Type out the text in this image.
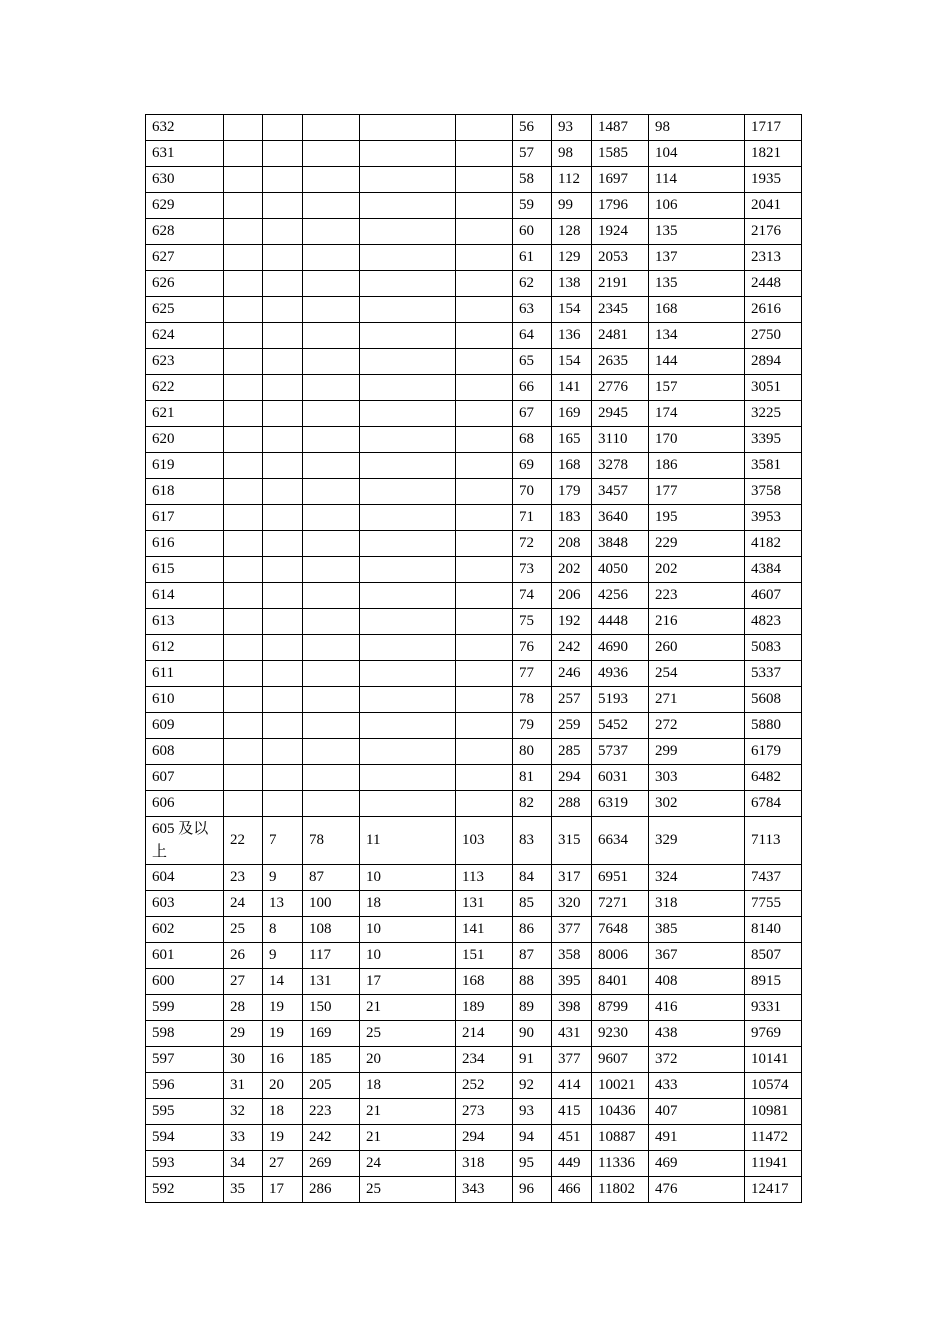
632						56	93	1487	98	1717
631						57	98	1585	104	1821
630						58	112	1697	114	1935
629						59	99	1796	106	2041
628						60	128	1924	135	2176
627						61	129	2053	137	2313
626						62	138	2191	135	2448
625						63	154	2345	168	2616
624						64	136	2481	134	2750
623						65	154	2635	144	2894
622						66	141	2776	157	3051
621						67	169	2945	174	3225
620						68	165	3110	170	3395
619						69	168	3278	186	3581
618						70	179	3457	177	3758
617						71	183	3640	195	3953
616						72	208	3848	229	4182
615						73	202	4050	202	4384
614						74	206	4256	223	4607
613						75	192	4448	216	4823
612						76	242	4690	260	5083
611						77	246	4936	254	5337
610						78	257	5193	271	5608
609						79	259	5452	272	5880
608						80	285	5737	299	6179
607						81	294	6031	303	6482
606						82	288	6319	302	6784
605 及以上	22	7	78	11	103	83	315	6634	329	7113
604	23	9	87	10	113	84	317	6951	324	7437
603	24	13	100	18	131	85	320	7271	318	7755
602	25	8	108	10	141	86	377	7648	385	8140
601	26	9	117	10	151	87	358	8006	367	8507
600	27	14	131	17	168	88	395	8401	408	8915
599	28	19	150	21	189	89	398	8799	416	9331
598	29	19	169	25	214	90	431	9230	438	9769
597	30	16	185	20	234	91	377	9607	372	10141
596	31	20	205	18	252	92	414	10021	433	10574
595	32	18	223	21	273	93	415	10436	407	10981
594	33	19	242	21	294	94	451	10887	491	11472
593	34	27	269	24	318	95	449	11336	469	11941
592	35	17	286	25	343	96	466	11802	476	12417
